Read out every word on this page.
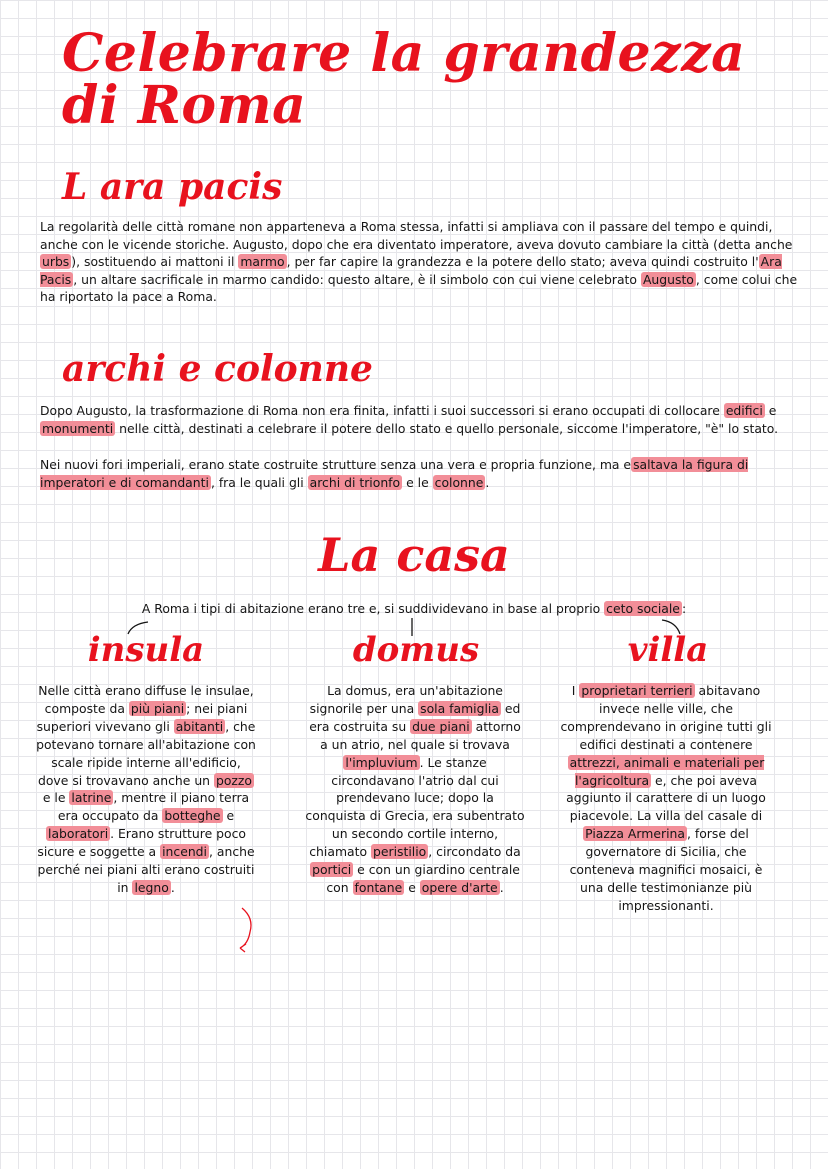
Celebrare la grandezza di Roma
L ara pacis

La regolarità delle città romane non apparteneva a Roma stessa, infatti si ampliava con il passare del tempo e quindi, anche con le vicende storiche. Augusto, dopo che era diventato imperatore, aveva dovuto cambiare la città (detta anche urbs ), sostituendo ai mattoni il marmo , per far capire la grandezza e la potere dello stato; aveva quindi costruito l' Ara Pacis , un altare sacrificale in marmo candido: questo altare, è il simbolo con cui viene celebrato Augusto , come colui che ha riportato la pace a Roma.

archi e colonne

Dopo Augusto, la trasformazione di Roma non era finita, infatti i suoi successori si erano occupati di collocare edifici e monumenti nelle città, destinati a celebrare il potere dello stato e quello personale, siccome l'imperatore, "è" lo stato.

Nei nuovi fori imperiali, erano state costruite strutture senza una vera e propria funzione, ma e saltava la figura di imperatori e di comandanti , fra le quali gli archi di trionfo e le colonne .

La casa

A Roma i tipi di abitazione erano tre e, si suddividevano in base al proprio ceto sociale :

insula	domus	villa

Nelle città erano diffuse le insulae, composte da più piani ; nei piani superiori vivevano gli abitanti , che potevano tornare all'abitazione con scale ripide interne all'edificio, dove si trovavano anche un pozzo e le latrine , mentre il piano terra era occupato da botteghe e laboratori . Erano strutture poco sicure e soggette a incendi , anche perché nei piani alti erano costruiti in legno .

La domus, era un'abitazione signorile per una sola famiglia ed era costruita su due piani attorno a un atrio, nel quale si trovava l'impluvium . Le stanze circondavano l'atrio dal cui prendevano luce; dopo la conquista di Grecia, era subentrato un secondo cortile interno, chiamato peristilio , circondato da portici e con un giardino centrale con fontane e opere d'arte .

I proprietari terrieri abitavano invece nelle ville, che comprendevano in origine tutti gli edifici destinati a contenere attrezzi, animali e materiali per l'agricoltura e, che poi aveva aggiunto il carattere di un luogo piacevole. La villa del casale di Piazza Armerina , forse del governatore di Sicilia, che conteneva magnifici mosaici, è una delle testimonianze più impressionanti.
